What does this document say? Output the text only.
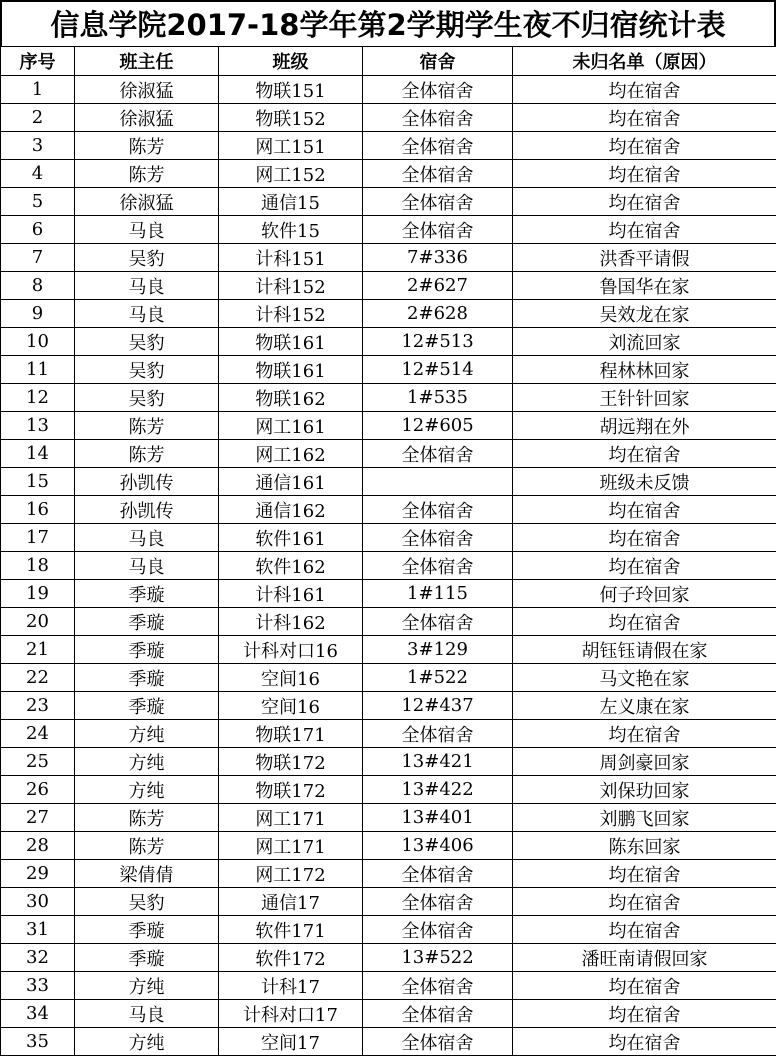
信息学院2017-18学年第2学期学生夜不归宿统计表
序号	班主任	班级	宿舍	未归名单（原因）
1	徐淑猛	物联151	全体宿舍	均在宿舍
2	徐淑猛	物联152	全体宿舍	均在宿舍
3	陈芳	网工151	全体宿舍	均在宿舍
4	陈芳	网工152	全体宿舍	均在宿舍
5	徐淑猛	通信15	全体宿舍	均在宿舍
6	马良	软件15	全体宿舍	均在宿舍
7	吴豹	计科151	7#336	洪香平请假
8	马良	计科152	2#627	鲁国华在家
9	马良	计科152	2#628	吴效龙在家
10	吴豹	物联161	12#513	刘流回家
11	吴豹	物联161	12#514	程林林回家
12	吴豹	物联162	1#535	王针针回家
13	陈芳	网工161	12#605	胡远翔在外
14	陈芳	网工162	全体宿舍	均在宿舍
15	孙凯传	通信161		班级未反馈
16	孙凯传	通信162	全体宿舍	均在宿舍
17	马良	软件161	全体宿舍	均在宿舍
18	马良	软件162	全体宿舍	均在宿舍
19	季璇	计科161	1#115	何子玲回家
20	季璇	计科162	全体宿舍	均在宿舍
21	季璇	计科对口16	3#129	胡钰钰请假在家
22	季璇	空间16	1#522	马文艳在家
23	季璇	空间16	12#437	左义康在家
24	方纯	物联171	全体宿舍	均在宿舍
25	方纯	物联172	13#421	周剑豪回家
26	方纯	物联172	13#422	刘保玏回家
27	陈芳	网工171	13#401	刘鹏飞回家
28	陈芳	网工171	13#406	陈东回家
29	梁倩倩	网工172	全体宿舍	均在宿舍
30	吴豹	通信17	全体宿舍	均在宿舍
31	季璇	软件171	全体宿舍	均在宿舍
32	季璇	软件172	13#522	潘旺南请假回家
33	方纯	计科17	全体宿舍	均在宿舍
34	马良	计科对口17	全体宿舍	均在宿舍
35	方纯	空间17	全体宿舍	均在宿舍
